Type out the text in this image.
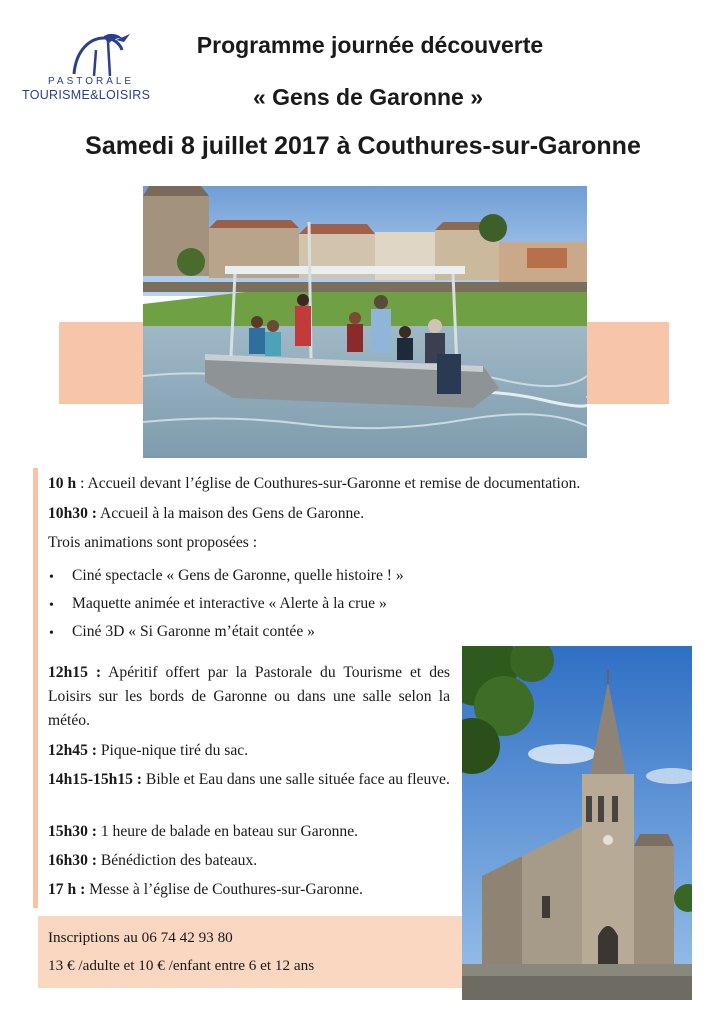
PASTORALE
TOURISME&LOISIRS
Programme journée découverte
« Gens de Garonne »
Samedi 8 juillet 2017 à Couthures-sur-Garonne
10 h : Accueil devant l’église de Couthures-sur-Garonne et remise de documentation.
10h30 : Accueil à la maison des Gens de Garonne.
Trois animations sont proposées :
• Ciné spectacle « Gens de Garonne, quelle histoire ! »
• Maquette animée et interactive « Alerte à la crue »
• Ciné 3D « Si Garonne m’était contée »
12h15 : Apéritif offert par la Pastorale du Tourisme et des Loisirs sur les bords de Garonne ou dans une salle selon la météo.
12h45 : Pique-nique tiré du sac.
14h15-15h15 : Bible et Eau dans une salle située face au fleuve.
15h30 : 1 heure de balade en bateau sur Garonne.
16h30 : Bénédiction des bateaux.
17 h : Messe à l’église de Couthures-sur-Garonne.
Inscriptions au 06 74 42 93 80
13 € /adulte et 10 € /enfant entre 6 et 12 ans
